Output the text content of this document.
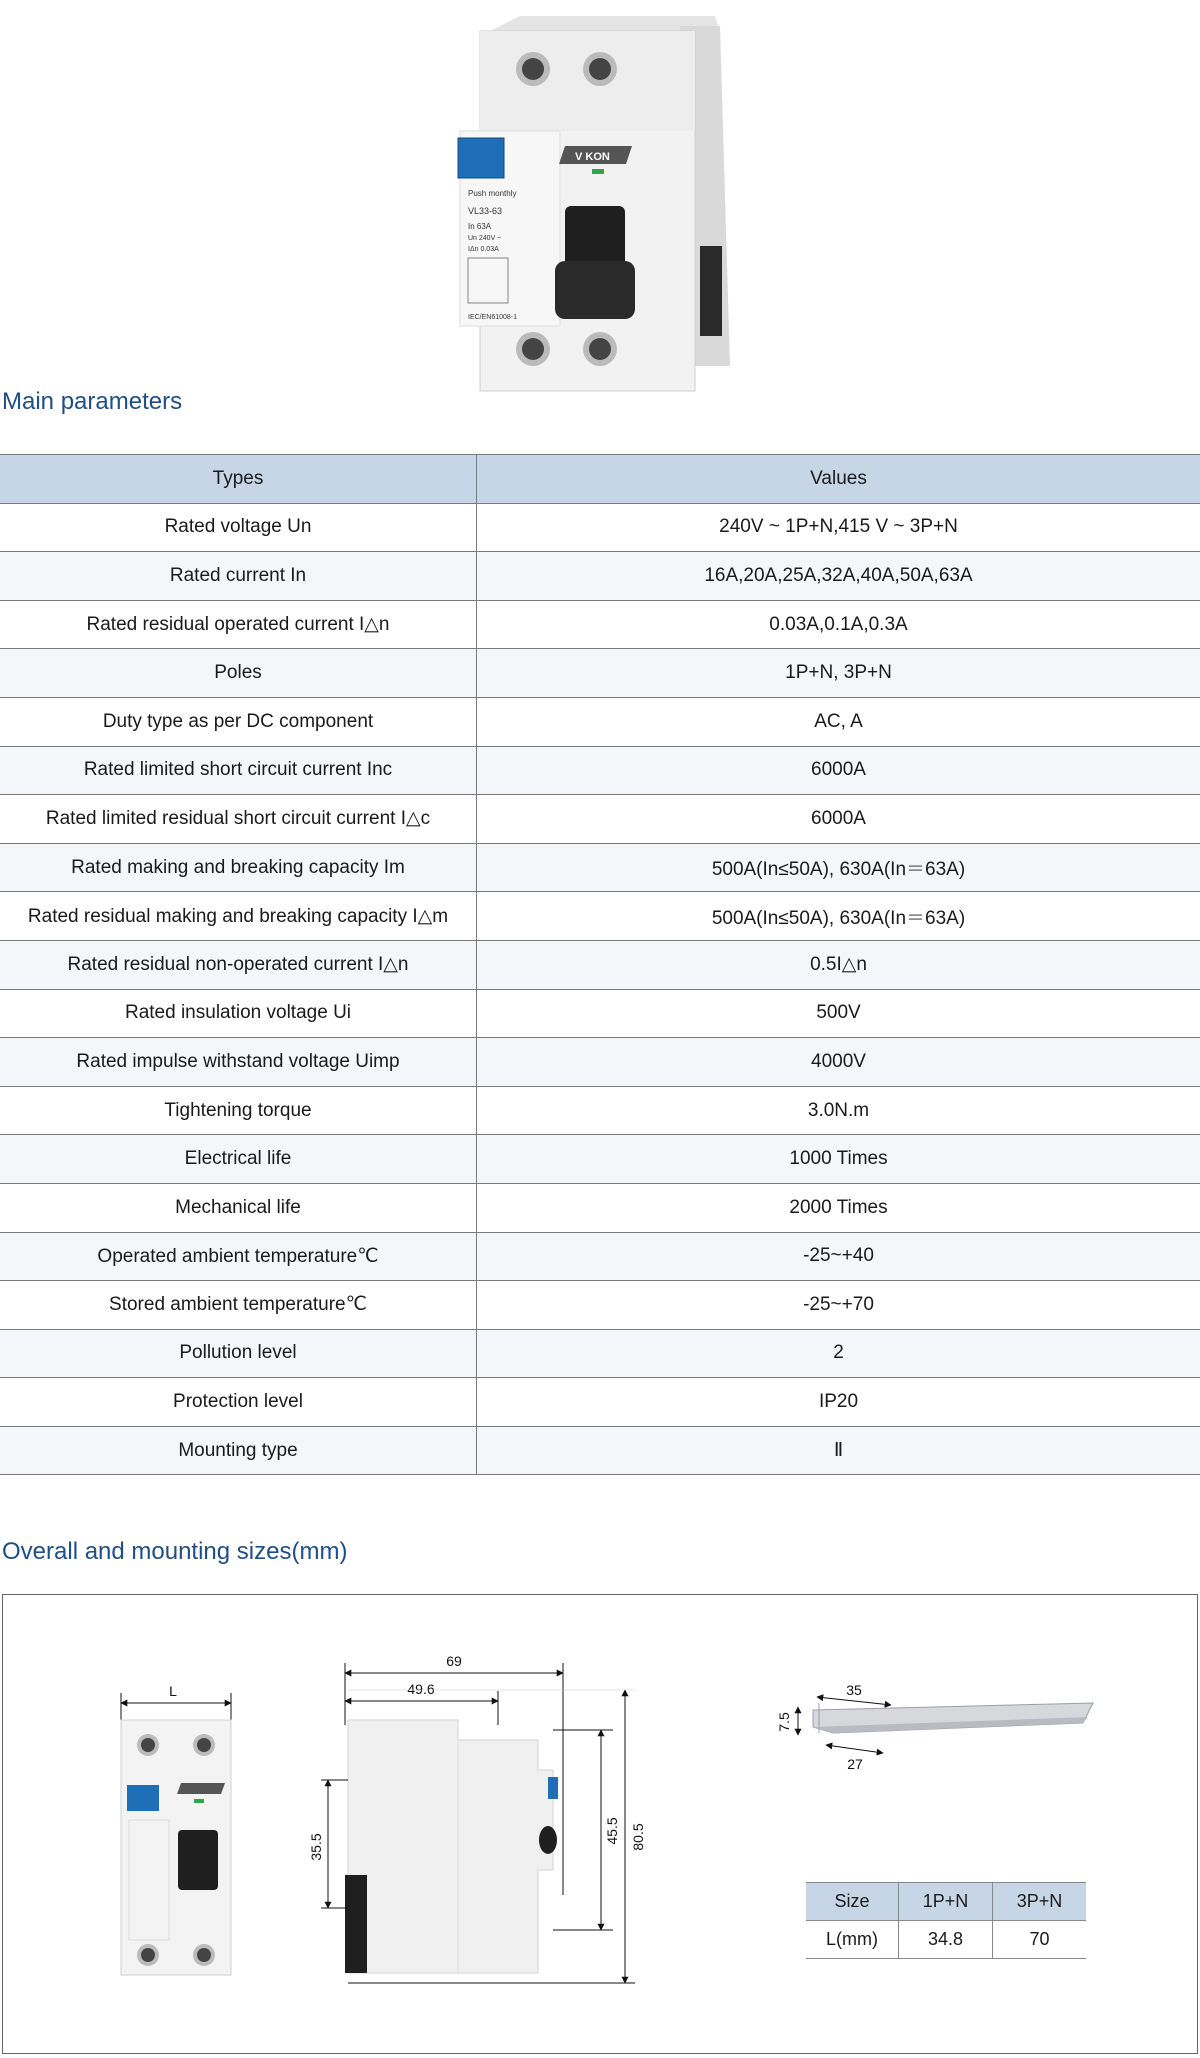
Push monthly
VL33-63
In 63A
Un 240V ~
IΔn 0.03A
IEC/EN61008-1
V KON
Main parameters
Types	Values
Rated voltage Un	240V ~ 1P+N,415 V ~ 3P+N
Rated current In	16A,20A,25A,32A,40A,50A,63A
Rated residual operated current I△n	0.03A,0.1A,0.3A
Poles	1P+N, 3P+N
Duty type as per DC component	AC, A
Rated limited short circuit current Inc	6000A
Rated limited residual short circuit current I△c	6000A
Rated making and breaking capacity Im	500A(In≤50A), 630A(In＝63A)
Rated residual making and breaking capacity I△m	500A(In≤50A), 630A(In＝63A)
Rated residual non-operated current I△n	0.5I△n
Rated insulation voltage Ui	500V
Rated impulse withstand voltage Uimp	4000V
Tightening torque	3.0N.m
Electrical life	1000 Times
Mechanical life	2000 Times
Operated ambient temperature℃	-25~+40
Stored ambient temperature℃	-25~+70
Pollution level	2
Protection level	IP20
Mounting type	Ⅱ
Overall and mounting sizes(mm)
L
69
49.6
35.5
45.5 80.5
35
27
7.5
Size	1P+N	3P+N
L(mm)	34.8	70
